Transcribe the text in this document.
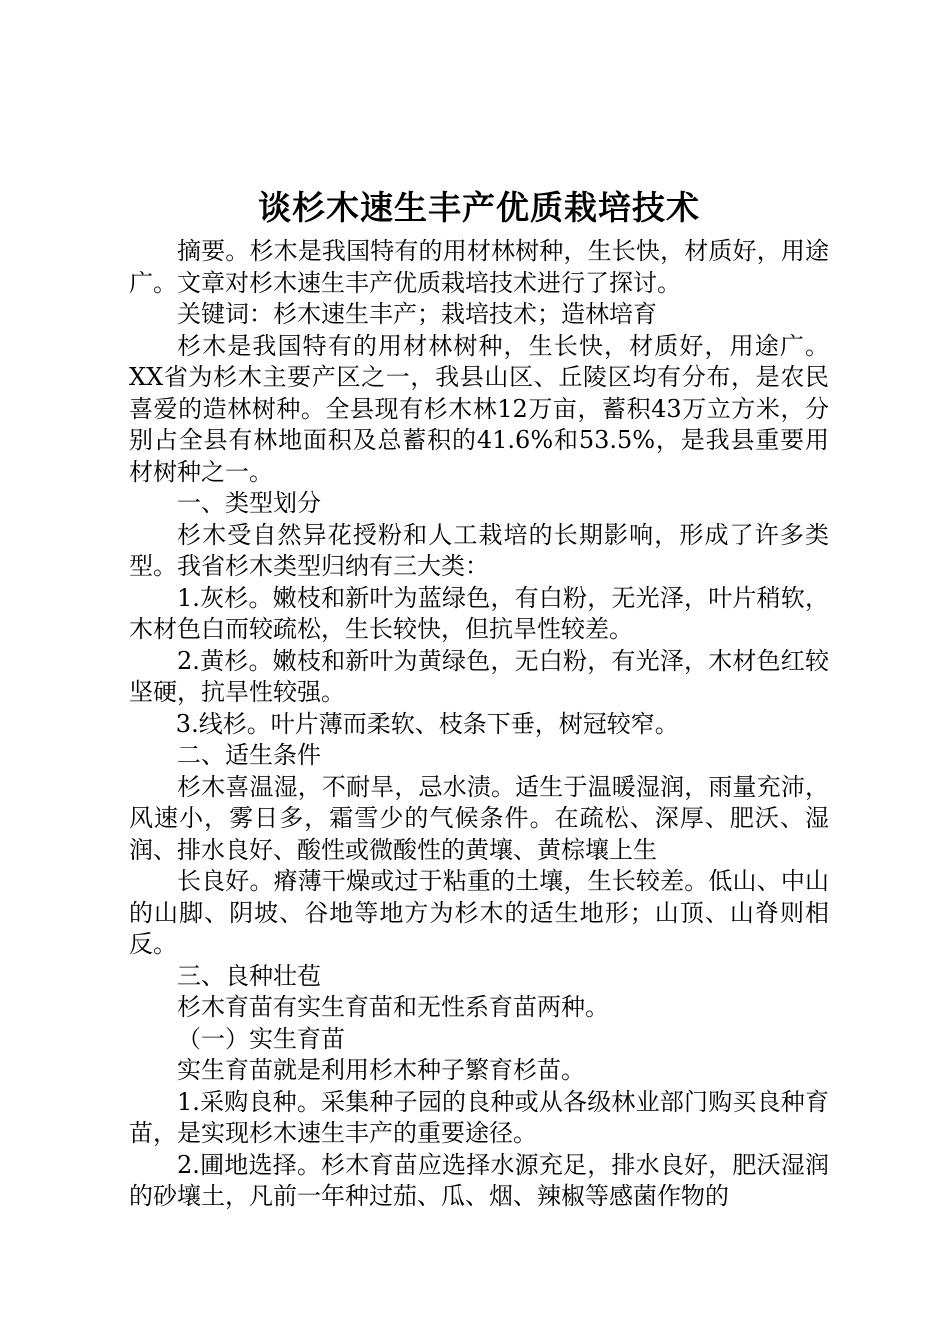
谈杉木速生丰产优质栽培技术

摘要。杉木是我国特有的用材林树种，生长快，材质好，用途广。文章对杉木速生丰产优质栽培技术进行了探讨。

关键词：杉木速生丰产；栽培技术；造林培育

杉木是我国特有的用材林树种，生长快，材质好，用途广。XX省为杉木主要产区之一，我县山区、丘陵区均有分布，是农民喜爱的造林树种。全县现有杉木林12万亩，蓄积43万立方米，分别占全县有林地面积及总蓄积的41.6%和53.5%，是我县重要用材树种之一。

一、类型划分

杉木受自然异花授粉和人工栽培的长期影响，形成了许多类型。我省杉木类型归纳有三大类：

1.灰杉。嫩枝和新叶为蓝绿色，有白粉，无光泽，叶片稍软，木材色白而较疏松，生长较快，但抗旱性较差。

2.黄杉。嫩枝和新叶为黄绿色，无白粉，有光泽，木材色红较坚硬，抗旱性较强。

3.线杉。叶片薄而柔软、枝条下垂，树冠较窄。

二、适生条件

杉木喜温湿，不耐旱，忌水渍。适生于温暖湿润，雨量充沛，风速小，雾日多，霜雪少的气候条件。在疏松、深厚、肥沃、湿润、排水良好、酸性或微酸性的黄壤、黄棕壤上生

长良好。瘠薄干燥或过于粘重的土壤，生长较差。低山、中山的山脚、阴坡、谷地等地方为杉木的适生地形；山顶、山脊则相反。

三、良种壮苞

杉木育苗有实生育苗和无性系育苗两种。

（一）实生育苗

实生育苗就是利用杉木种子繁育杉苗。

1.采购良种。采集种子园的良种或从各级林业部门购买良种育苗，是实现杉木速生丰产的重要途径。

2.圃地选择。杉木育苗应选择水源充足，排水良好，肥沃湿润的砂壤土，凡前一年种过茄、瓜、烟、辣椒等感菌作物的
